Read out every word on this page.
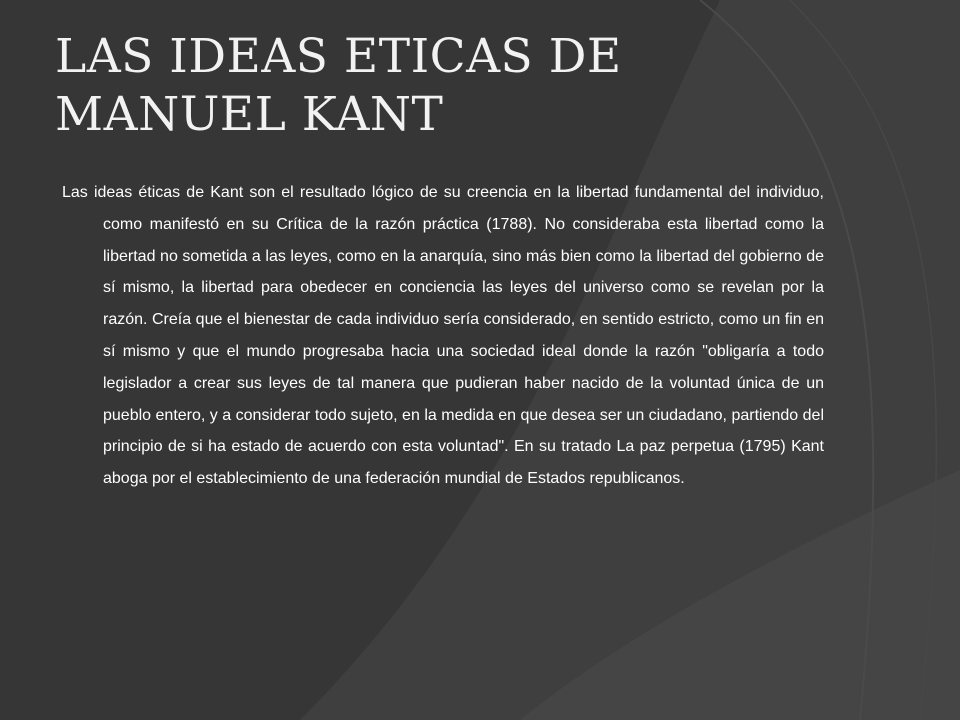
LAS IDEAS ETICAS DE
MANUEL KANT

Las ideas éticas de Kant son el resultado lógico de su creencia en la libertad fundamental del individuo, como manifestó en su Crítica de la razón práctica (1788). No consideraba esta libertad como la libertad no sometida a las leyes, como en la anarquía, sino más bien como la libertad del gobierno de sí mismo, la libertad para obedecer en conciencia las leyes del universo como se revelan por la razón. Creía que el bienestar de cada individuo sería considerado, en sentido estricto, como un fin en sí mismo y que el mundo progresaba hacia una sociedad ideal donde la razón "obligaría a todo legislador a crear sus leyes de tal manera que pudieran haber nacido de la voluntad única de un pueblo entero, y a considerar todo sujeto, en la medida en que desea ser un ciudadano, partiendo del principio de si ha estado de acuerdo con esta voluntad". En su tratado La paz perpetua (1795) Kant aboga por el establecimiento de una federación mundial de Estados republicanos.
